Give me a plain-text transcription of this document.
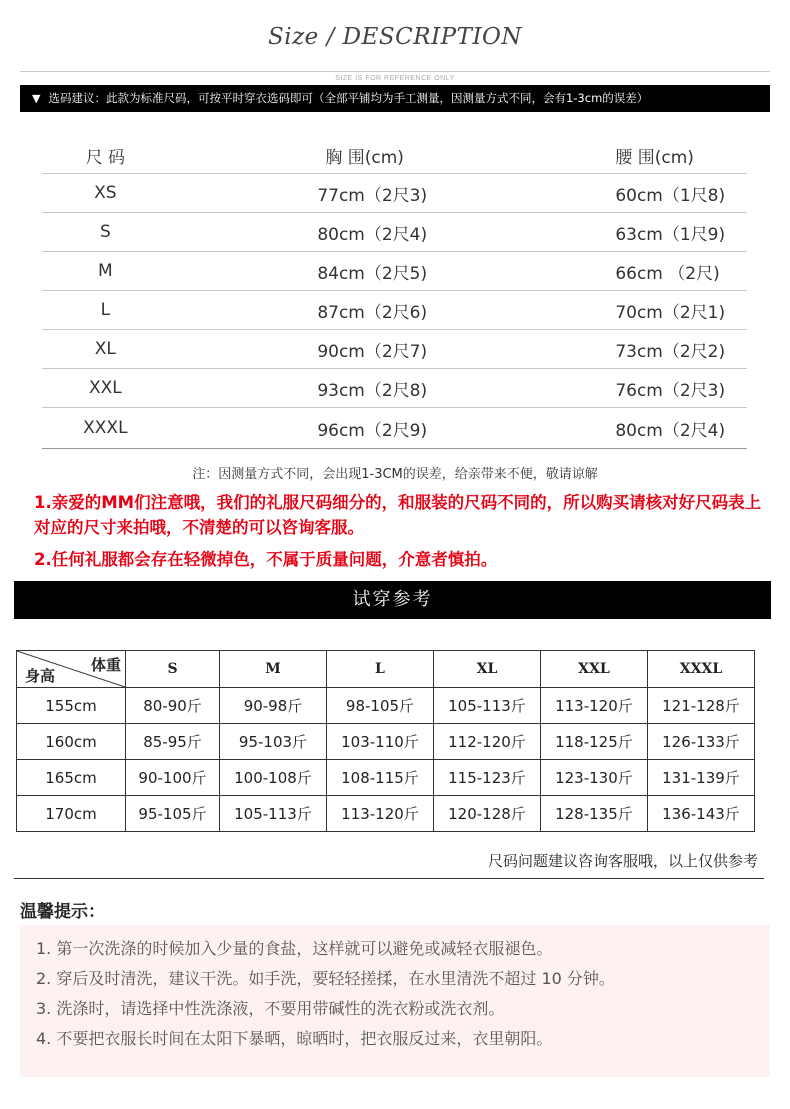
Size / DESCRIPTION
SIZE IS FOR REFERENCE ONLY
▼ 选码建议：此款为标准尺码，可按平时穿衣选码即可（全部平铺均为手工测量，因测量方式不同，会有1-3cm的误差）
尺 码		胸 围(cm)	腰 围(cm)
XS		77cm（2尺3)	60cm（1尺8)
S		80cm（2尺4)	63cm（1尺9)
M		84cm（2尺5)	66cm （2尺)
L		87cm（2尺6)	70cm（2尺1)
XL		90cm（2尺7)	73cm（2尺2)
XXL		93cm（2尺8)	76cm（2尺3)
XXXL		96cm（2尺9)	80cm（2尺4)
注：因测量方式不同，会出现1-3CM的误差，给亲带来不便，敬请谅解
1.亲爱的MM们注意哦，我们的礼服尺码细分的，和服装的尺码不同的，所以购买请核对好尺码表上对应的尺寸来拍哦，不清楚的可以咨询客服。
2.任何礼服都会存在轻微掉色，不属于质量问题，介意者慎拍。
试穿参考
体重
身高	S	M	L	XL	XXL	XXXL
155cm	80-90斤	90-98斤	98-105斤	105-113斤	113-120斤	121-128斤
160cm	85-95斤	95-103斤	103-110斤	112-120斤	118-125斤	126-133斤
165cm	90-100斤	100-108斤	108-115斤	115-123斤	123-130斤	131-139斤
170cm	95-105斤	105-113斤	113-120斤	120-128斤	128-135斤	136-143斤
尺码问题建议咨询客服哦，以上仅供参考
温馨提示：
1. 第一次洗涤的时候加入少量的食盐，这样就可以避免或减轻衣服褪色。
2. 穿后及时清洗，建议干洗。如手洗，要轻轻搓揉，在水里清洗不超过 10 分钟。
3. 洗涤时，请选择中性洗涤液，不要用带碱性的洗衣粉或洗衣剂。
4. 不要把衣服长时间在太阳下暴晒，晾晒时，把衣服反过来，衣里朝阳。
